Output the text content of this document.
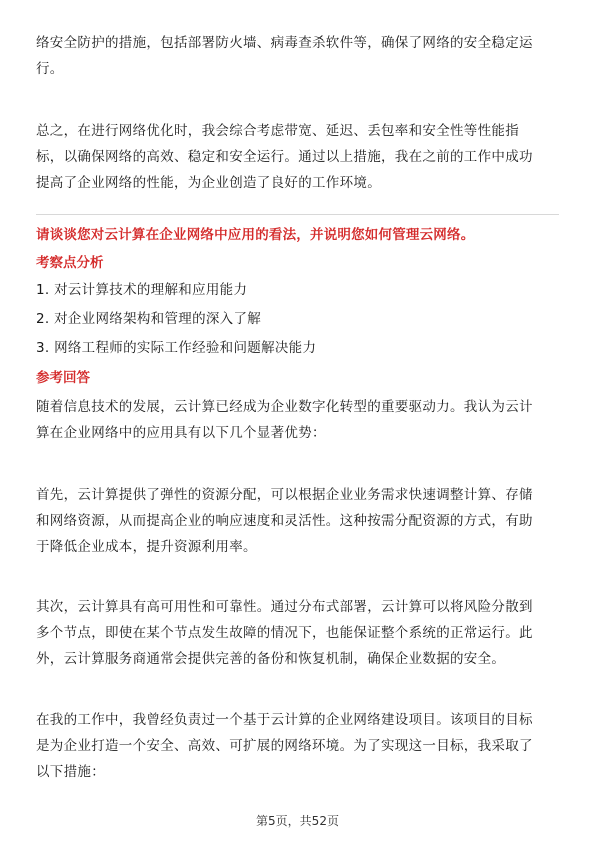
络安全防护的措施，包括部署防火墙、病毒查杀软件等，确保了网络的安全稳定运
行。

总之，在进行网络优化时，我会综合考虑带宽、延迟、丢包率和安全性等性能指
标，以确保网络的高效、稳定和安全运行。通过以上措施，我在之前的工作中成功
提高了企业网络的性能，为企业创造了良好的工作环境。

请谈谈您对云计算在企业网络中应用的看法，并说明您如何管理云网络。
考察点分析
1. 对云计算技术的理解和应用能力
2. 对企业网络架构和管理的深入了解
3. 网络工程师的实际工作经验和问题解决能力
参考回答

随着信息技术的发展，云计算已经成为企业数字化转型的重要驱动力。我认为云计
算在企业网络中的应用具有以下几个显著优势：

首先，云计算提供了弹性的资源分配，可以根据企业业务需求快速调整计算、存储
和网络资源，从而提高企业的响应速度和灵活性。这种按需分配资源的方式，有助
于降低企业成本，提升资源利用率。

其次，云计算具有高可用性和可靠性。通过分布式部署，云计算可以将风险分散到
多个节点，即使在某个节点发生故障的情况下，也能保证整个系统的正常运行。此
外，云计算服务商通常会提供完善的备份和恢复机制，确保企业数据的安全。

在我的工作中，我曾经负责过一个基于云计算的企业网络建设项目。该项目的目标
是为企业打造一个安全、高效、可扩展的网络环境。为了实现这一目标，我采取了
以下措施：

第5页，共52页
